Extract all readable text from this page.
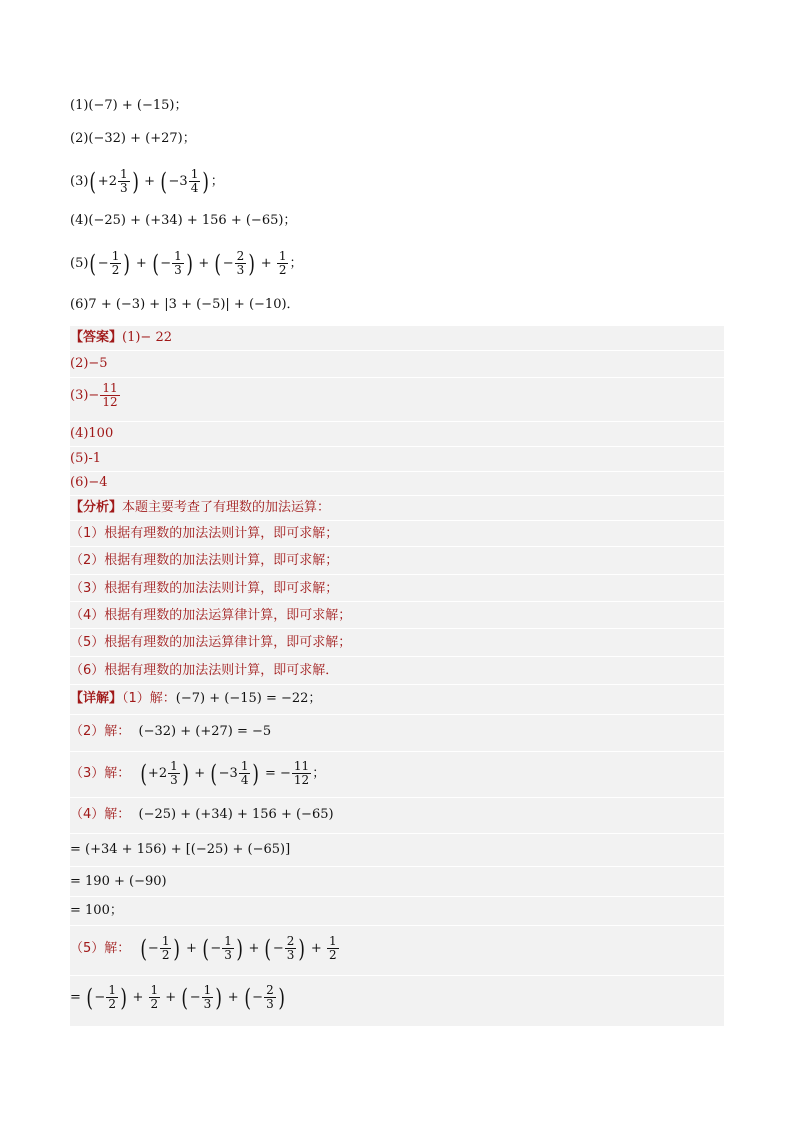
(1)(−7) + (−15)；
(2)(−32) + (+27)；
$(3)(+2 \frac{1}{3}$ ) + ($-3 \frac{1}{4}$ )；
(4)(−25) + (+34) + 156 + (−65)；
$(5)(- \frac{1}{2}$ ) + (− $\frac{1}{3}$ ) + (− $\frac{2}{3}$ ) + $\frac{1}{2}$ ；
(6)7 + (−3) + |3 + (−5)| + (−10)．
【答案】(1)− 22
(2)−5
$(3)- \frac{11}{12}$
(4)100
(5)-1
(6)−4
【分析】本题主要考查了有理数的加法运算：
（1）根据有理数的加法法则计算，即可求解；
（2）根据有理数的加法法则计算，即可求解；
（3）根据有理数的加法法则计算，即可求解；
（4）根据有理数的加法运算律计算，即可求解；
（5）根据有理数的加法运算律计算，即可求解；
（6）根据有理数的加法法则计算，即可求解．
【详解】（1）解：(−7) + (−15) = −22；
（2）解： (−32) + (+27) = −5
（3）解： ($+2 \frac{1}{3}$ ) + ($-3 \frac{1}{4}$ ) = − $\frac{11}{12}$ ；
（4）解： (−25) + (+34) + 156 + (−65)
= (+34 + 156) + [(−25) + (−65)]
= 190 + (−90)
= 100；
（5）解： (− $\frac{1}{2}$ ) + (− $\frac{1}{3}$ ) + (− $\frac{2}{3}$ ) + $\frac{1}{2}$
= (− $\frac{1}{2}$ ) + $\frac{1}{2}$ + (− $\frac{1}{3}$ ) + (− $\frac{2}{3}$ )
